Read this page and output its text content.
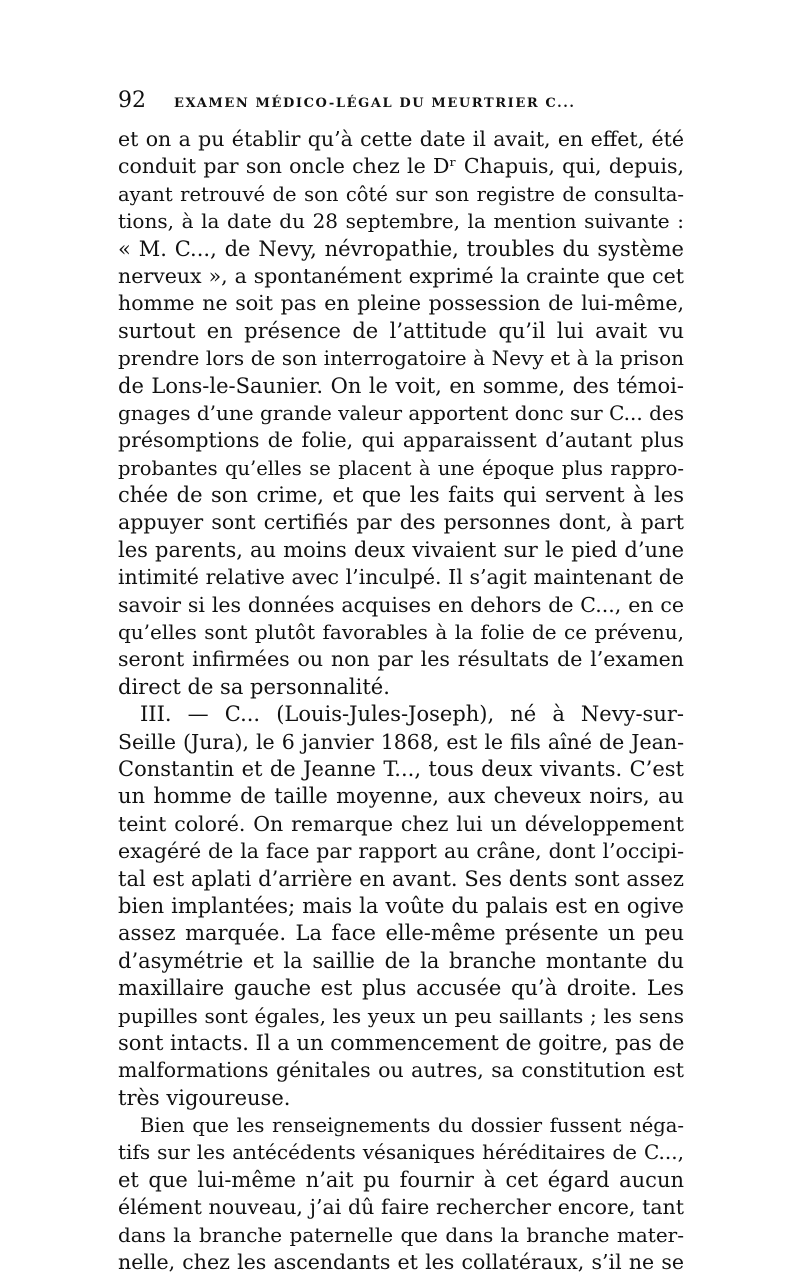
92	EXAMEN MÉDICO-LÉGAL DU MEURTRIER C...
et on a pu établir qu’à cette date il avait, en effet, été
conduit par son oncle chez le Dʳ Chapuis, qui, depuis,
ayant retrouvé de son côté sur son registre de consulta-
tions, à la date du 28 septembre, la mention suivante :
« M. C..., de Nevy, névropathie, troubles du système
nerveux », a spontanément exprimé la crainte que cet
homme ne soit pas en pleine possession de lui-même,
surtout en présence de l’attitude qu’il lui avait vu
prendre lors de son interrogatoire à Nevy et à la prison
de Lons-le-Saunier. On le voit, en somme, des témoi-
gnages d’une grande valeur apportent donc sur C... des
présomptions de folie, qui apparaissent d’autant plus
probantes qu’elles se placent à une époque plus rappro-
chée de son crime, et que les faits qui servent à les
appuyer sont certifiés par des personnes dont, à part
les parents, au moins deux vivaient sur le pied d’une
intimité relative avec l’inculpé. Il s’agit maintenant de
savoir si les données acquises en dehors de C..., en ce
qu’elles sont plutôt favorables à la folie de ce prévenu,
seront infirmées ou non par les résultats de l’examen
direct de sa personnalité.
III. — C... (Louis-Jules-Joseph), né à Nevy-sur-
Seille (Jura), le 6 janvier 1868, est le fils aîné de Jean-
Constantin et de Jeanne T..., tous deux vivants. C’est
un homme de taille moyenne, aux cheveux noirs, au
teint coloré. On remarque chez lui un développement
exagéré de la face par rapport au crâne, dont l’occipi-
tal est aplati d’arrière en avant. Ses dents sont assez
bien implantées; mais la voûte du palais est en ogive
assez marquée. La face elle-même présente un peu
d’asymétrie et la saillie de la branche montante du
maxillaire gauche est plus accusée qu’à droite. Les
pupilles sont égales, les yeux un peu saillants ; les sens
sont intacts. Il a un commencement de goitre, pas de
malformations génitales ou autres, sa constitution est
très vigoureuse.
Bien que les renseignements du dossier fussent néga-
tifs sur les antécédents vésaniques héréditaires de C...,
et que lui-même n’ait pu fournir à cet égard aucun
élément nouveau, j’ai dû faire rechercher encore, tant
dans la branche paternelle que dans la branche mater-
nelle, chez les ascendants et les collatéraux, s’il ne se
